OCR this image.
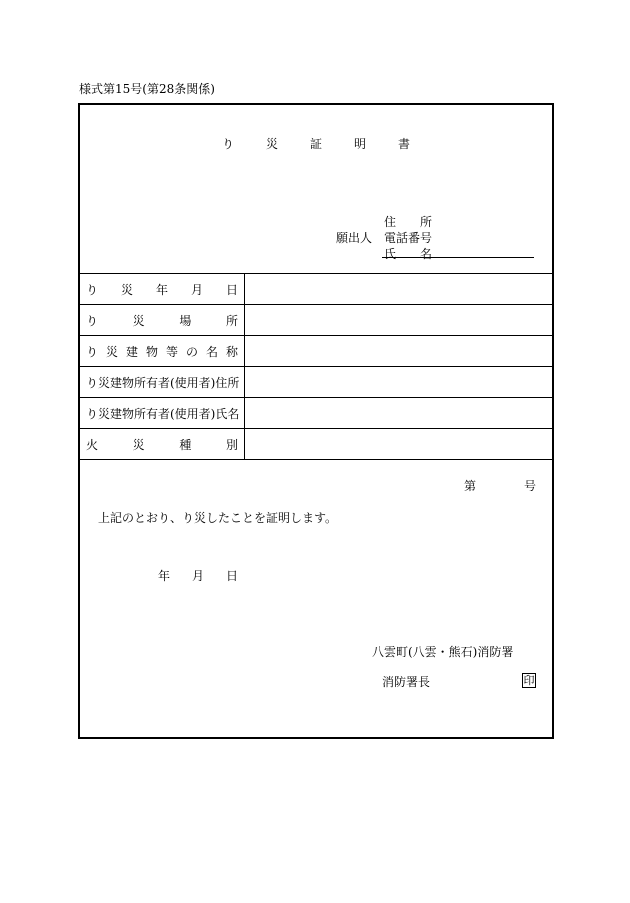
様式第15号(第28条関係)
り	災	証	明	書
願出人
住 所
電話番号
氏 名
り災年月日	

り災場所	

り災建物等の名称	

り災建物所有者(使用者)住所	

り災建物所有者(使用者)氏名	

火災種別	

第	号
上記のとおり、り災したことを証明します。
年 月 日
八雲町(八雲・熊石)消防署
消防署長	印
